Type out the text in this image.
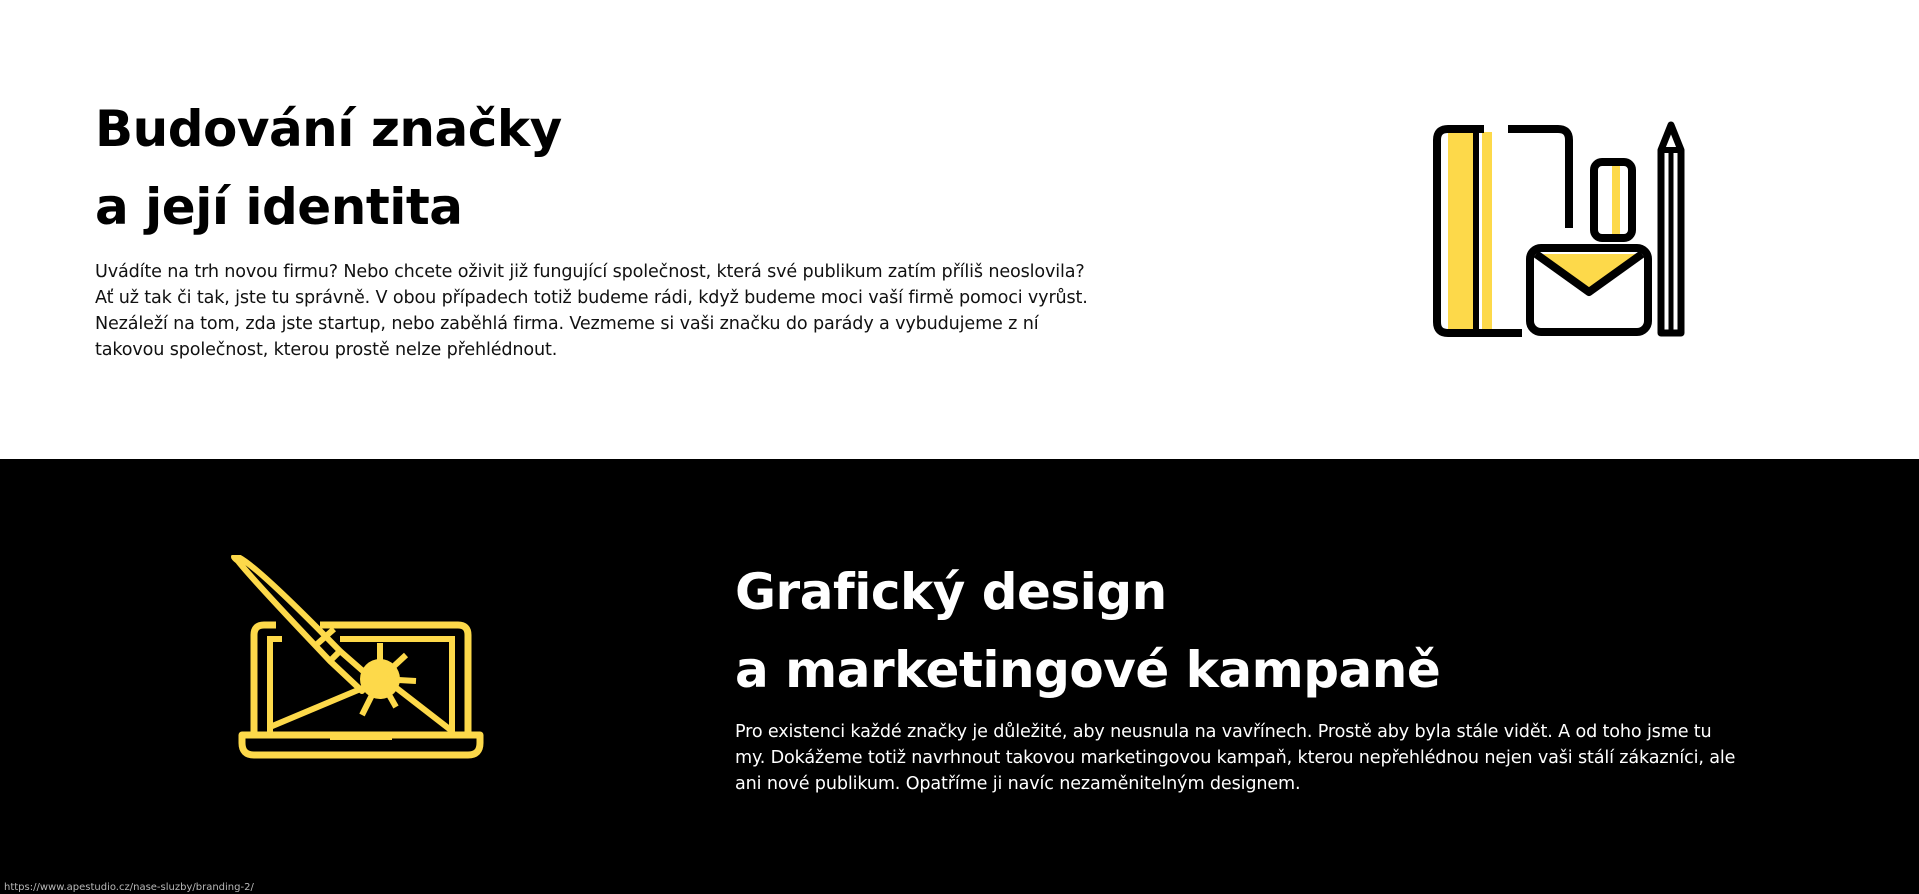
Budování značky
a její identita

Uvádíte na trh novou firmu? Nebo chcete oživit již fungující společnost, která své publikum zatím příliš neoslovila?
Ať už tak či tak, jste tu správně. V obou případech totiž budeme rádi, když budeme moci vaší firmě pomoci vyrůst.
Nezáleží na tom, zda jste startup, nebo zaběhlá firma. Vezmeme si vaši značku do parády a vybudujeme z ní
takovou společnost, kterou prostě nelze přehlédnout.

Grafický design
a marketingové kampaně

Pro existenci každé značky je důležité, aby neusnula na vavřínech. Prostě aby byla stále vidět. A od toho jsme tu
my. Dokážeme totiž navrhnout takovou marketingovou kampaň, kterou nepřehlédnou nejen vaši stálí zákazníci, ale
ani nové publikum. Opatříme ji navíc nezaměnitelným designem.

https://www.apestudio.cz/nase-sluzby/branding-2/
